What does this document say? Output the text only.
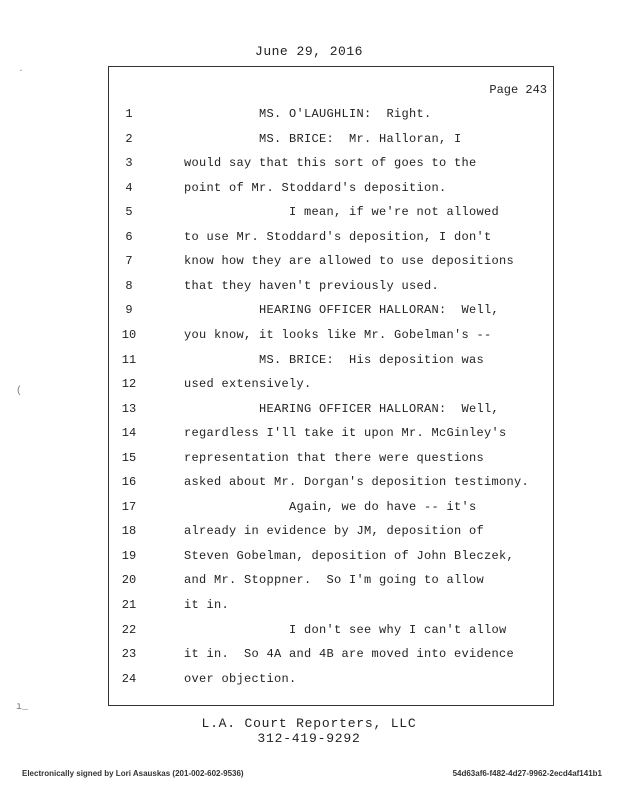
June 29, 2016
Page 243
1	MS. O'LAUGHLIN:  Right.
2	MS. BRICE:  Mr. Halloran, I
3	would say that this sort of goes to the
4	point of Mr. Stoddard's deposition.
5	I mean, if we're not allowed
6	to use Mr. Stoddard's deposition, I don't
7	know how they are allowed to use depositions
8	that they haven't previously used.
9	HEARING OFFICER HALLORAN:  Well,
10	you know, it looks like Mr. Gobelman's --
11	MS. BRICE:  His deposition was
12	used extensively.
13	HEARING OFFICER HALLORAN:  Well,
14	regardless I'll take it upon Mr. McGinley's
15	representation that there were questions
16	asked about Mr. Dorgan's deposition testimony.
17	Again, we do have -- it's
18	already in evidence by JM, deposition of
19	Steven Gobelman, deposition of John Bleczek,
20	and Mr. Stoppner.  So I'm going to allow
21	it in.
22	I don't see why I can't allow
23	it in.  So 4A and 4B are moved into evidence
24	over objection.
´
(
ı_
L.A. Court Reporters, LLC
312-419-9292
Electronically signed by Lori Asauskas (201-002-602-9536)	54d63af6-f482-4d27-9962-2ecd4af141b1
